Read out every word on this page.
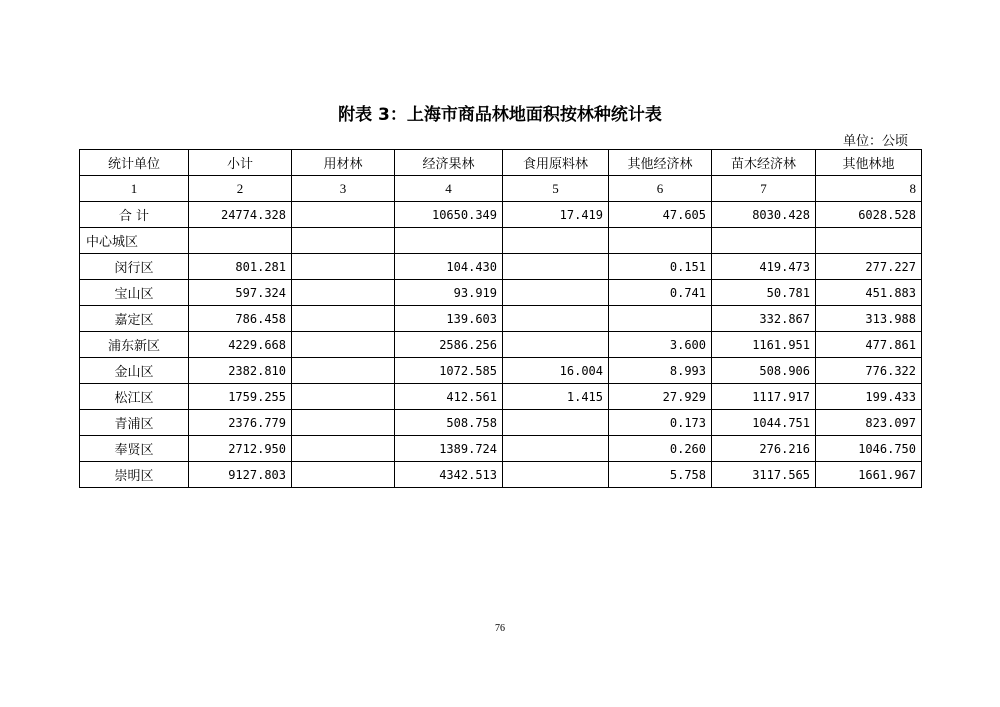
附表 3：上海市商品林地面积按林种统计表
单位：公顷
统计单位	小计	用材林	经济果林	食用原料林	其他经济林	苗木经济林	其他林地
1	2	3	4	5	6	7	8
合 计	24774.328		10650.349	17.419	47.605	8030.428	6028.528
中心城区							
闵行区	801.281		104.430		0.151	419.473	277.227
宝山区	597.324		93.919		0.741	50.781	451.883
嘉定区	786.458		139.603			332.867	313.988
浦东新区	4229.668		2586.256		3.600	1161.951	477.861
金山区	2382.810		1072.585	16.004	8.993	508.906	776.322
松江区	1759.255		412.561	1.415	27.929	1117.917	199.433
青浦区	2376.779		508.758		0.173	1044.751	823.097
奉贤区	2712.950		1389.724		0.260	276.216	1046.750
崇明区	9127.803		4342.513		5.758	3117.565	1661.967
76
